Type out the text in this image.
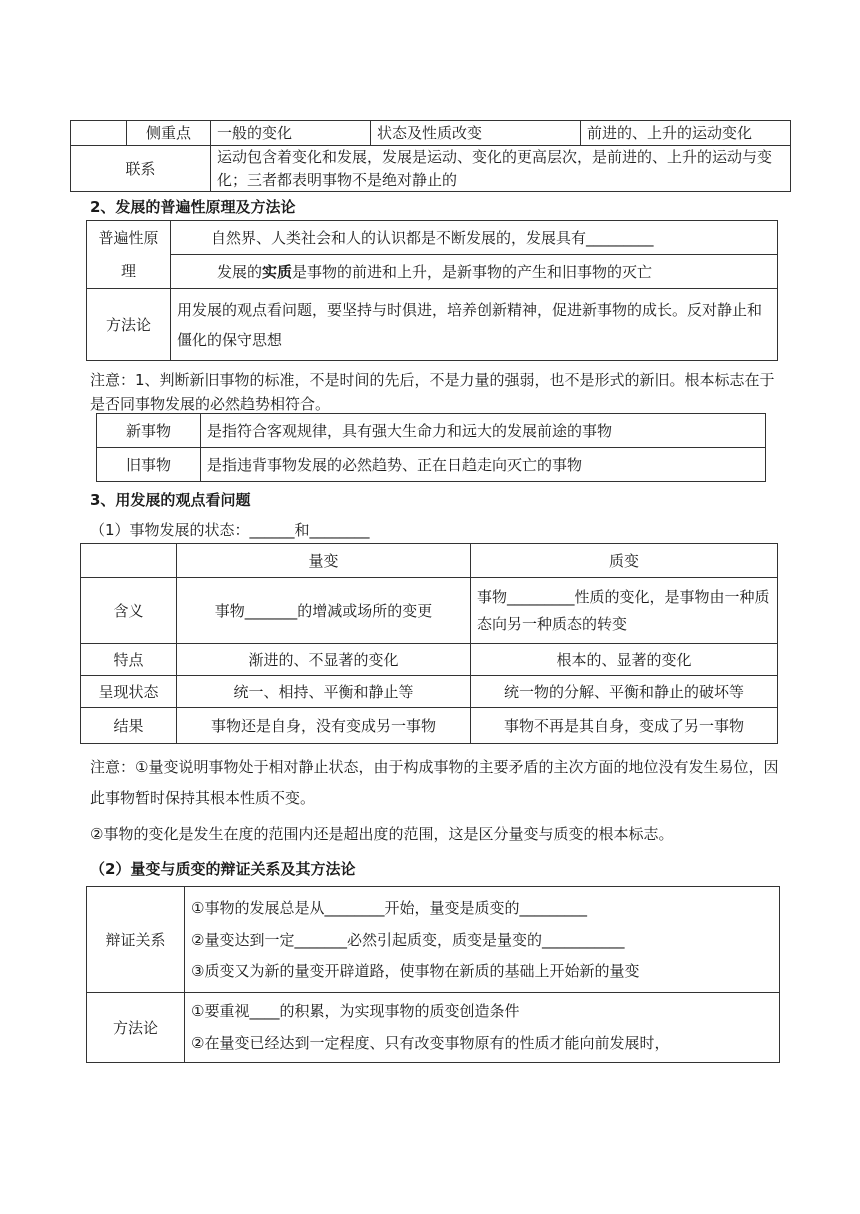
	侧重点	一般的变化	状态及性质改变	前进的、上升的运动变化
联系		运动包含着变化和发展，发展是运动、变化的更高层次，是前进的、上升的运动与变化；三者都表明事物不是绝对静止的		
2、发展的普遍性原理及方法论
普遍性原理	自然界、人类社会和人的认识都是不断发展的，发展具有_________
	发展的实质是事物的前进和上升，是新事物的产生和旧事物的灭亡
方法论	用发展的观点看问题，要坚持与时俱进，培养创新精神，促进新事物的成长。反对静止和僵化的保守思想
注意：1、判断新旧事物的标准，不是时间的先后，不是力量的强弱，也不是形式的新旧。根本标志在于是否同事物发展的必然趋势相符合。
新事物	是指符合客观规律，具有强大生命力和远大的发展前途的事物
旧事物	是指违背事物发展的必然趋势、正在日趋走向灭亡的事物
3、用发展的观点看问题
（1）事物发展的状态：______和________
	量变	质变
含义	事物_______的增减或场所的变更	事物_________性质的变化，是事物由一种质态向另一种质态的转变
特点	渐进的、不显著的变化	根本的、显著的变化
呈现状态	统一、相持、平衡和静止等	统一物的分解、平衡和静止的破坏等
结果	事物还是自身，没有变成另一事物	事物不再是其自身，变成了另一事物
注意：①量变说明事物处于相对静止状态，由于构成事物的主要矛盾的主次方面的地位没有发生易位，因此事物暂时保持其根本性质不变。
②事物的变化是发生在度的范围内还是超出度的范围，这是区分量变与质变的根本标志。
（2）量变与质变的辩证关系及其方法论
辩证关系	①事物的发展总是从________开始，量变是质变的_________
②量变达到一定_______必然引起质变，质变是量变的___________
③质变又为新的量变开辟道路，使事物在新质的基础上开始新的量变

方法论	①要重视____的积累，为实现事物的质变创造条件
②在量变已经达到一定程度、只有改变事物原有的性质才能向前发展时，
